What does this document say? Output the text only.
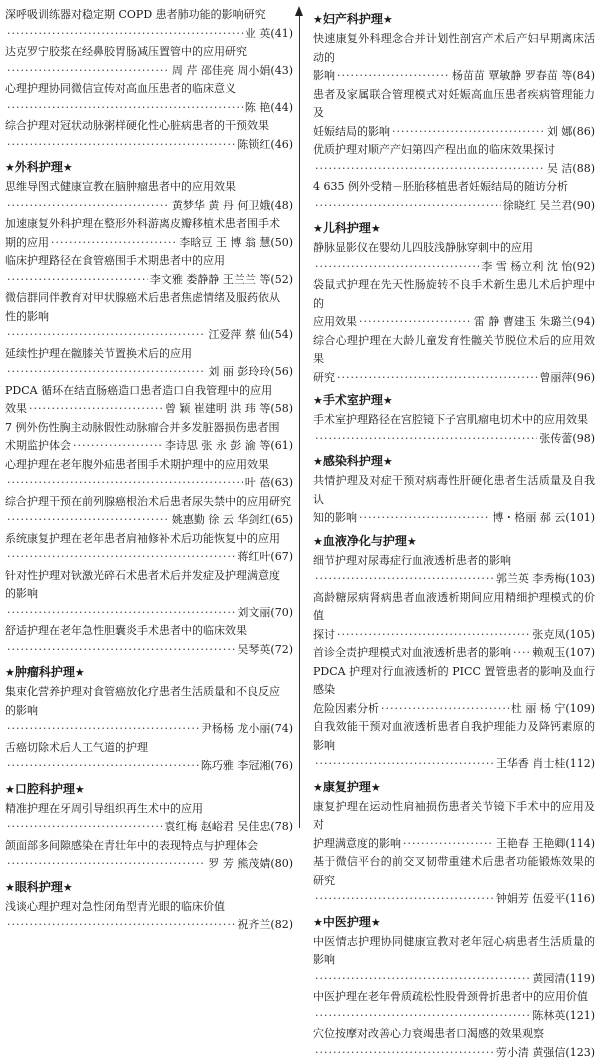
深呼吸训练器对稳定期 COPD 患者肺功能的影响研究
·····
业 英(41)
达克罗宁胶浆在经鼻胶胃肠减压置管中的应用研究
·····
周 芹 邵佳亮 周小娟(43)
心理护理协同微信宣传对高血压患者的临床意义
·····
陈 艳(44)
综合护理对冠状动脉粥样硬化性心脏病患者的干预效果
·····
陈锁红(46)
★外科护理★
思维导图式健康宣教在脑肿瘤患者中的应用效果
·····
黄梦华 黄 丹 何卫娥(48)
加速康复外科护理在整形外科游离皮瓣移植术患者围手术
期的应用 ·····	李晗豆 王 博 翁 慧(50)
临床护理路径在食管癌围手术期患者中的应用
·····
李文雅 娄静静 王兰兰 等(52)
微信群同伴教育对甲状腺癌术后患者焦虑情绪及服药依从
性的影响
·····
江爱萍 蔡 仙(54)
延续性护理在髋膝关节置换术后的应用
·····
刘 丽 彭玲玲(56)
PDCA 循环在结直肠癌造口患者造口自我管理中的应用
效果 ·····	曾 颖 崔建明 洪 玮 等(58)
7 例外伤性胸主动脉假性动脉瘤合并多发脏器损伤患者围
术期监护体会 ·····	李诗思 张 永 彭 渝 等(61)
心理护理在老年腹外疝患者围手术期护理中的应用效果
·····
叶 蓓(63)
综合护理干预在前列腺癌根治术后患者尿失禁中的应用研究
·····
姚惠勤 徐 云 华剑红(65)
系统康复护理在老年患者肩袖修补术后功能恢复中的应用
·····
蒋红叶(67)
针对性护理对钬激光碎石术患者术后并发症及护理满意度
的影响
·····
刘文丽(70)
舒适护理在老年急性胆囊炎手术患者中的临床效果
·····
吴琴英(72)
★肿瘤科护理★
集束化营养护理对食管癌放化疗患者生活质量和不良反应
的影响
·····
尹杨杨 龙小丽(74)
舌癌切除术后人工气道的护理
·····
陈巧雅 李冠湘(76)
★口腔科护理★
精准护理在牙周引导组织再生术中的应用
·····
袁红梅 赵峪君 吴佳忠(78)
颌面部多间隙感染在青壮年中的表现特点与护理体会
·····
罗 芳 熊茂婧(80)
★眼科护理★
浅谈心理护理对急性闭角型青光眼的临床价值
·····
祝齐兰(82)
★妇产科护理★
快速康复外科理念合并计划性剖宫产术后产妇早期离床活动的
影响 ·····	杨苗苗 覃敏静 罗春苗 等(84)
患者及家属联合管理模式对妊娠高血压患者疾病管理能力及
妊娠结局的影响 ·····	刘 娜(86)
优质护理对顺产产妇第四产程出血的临床效果探讨
·····
吴 洁(88)
4 635 例外受精－胚胎移植患者妊娠结局的随访分析
·····
徐晓红 吴兰君(90)
★儿科护理★
静脉显影仪在婴幼儿四肢浅静脉穿刺中的应用
·····
李 雪 杨立利 沈 怡(92)
袋鼠式护理在先天性肠旋转不良手术新生患儿术后护理中的
应用效果 ·····	雷 静 曹建玉 朱璐兰(94)
综合心理护理在大龄儿童发育性髋关节脱位术后的应用效果
研究 ·····	曾丽萍(96)
★手术室护理★
手术室护理路径在宫腔镜下子宫肌瘤电切术中的应用效果
·····
张传蕾(98)
★感染科护理★
共情护理及对症干预对病毒性肝硬化患者生活质量及自我认
知的影响 ·····	博・格丽 郝 云(101)
★血液净化与护理★
细节护理对尿毒症行血液透析患者的影响
·····
郭兰英 李秀梅(103)
高龄糖尿病肾病患者血液透析期间应用精细护理模式的价值
探讨 ·····	张克凤(105)
首诊全责护理模式对血液透析患者的影响 ····· 赖观玉(107)
PDCA 护理对行血液透析的 PICC 置管患者的影响及血行感染
危险因素分析 ·····	杜 丽 杨 宁(109)
自我效能干预对血液透析患者自我护理能力及降钙素原的影响
·····
王华香 肖士桂(112)
★康复护理★
康复护理在运动性肩袖损伤患者关节镜下手术中的应用及对
护理满意度的影响 ·····	王艳春 王艳卿(114)
基于微信平台的前交叉韧带重建术后患者功能锻炼效果的研究
·····
钟娟芳 伍爱平(116)
★中医护理★
中医情志护理协同健康宣教对老年冠心病患者生活质量的影响
·····
黄园清(119)
中医护理在老年骨质疏松性股骨颈骨折患者中的应用价值
·····
陈林英(121)
穴位按摩对改善心力衰竭患者口渴感的效果观察
·····
劳小清 黄强信(123)
